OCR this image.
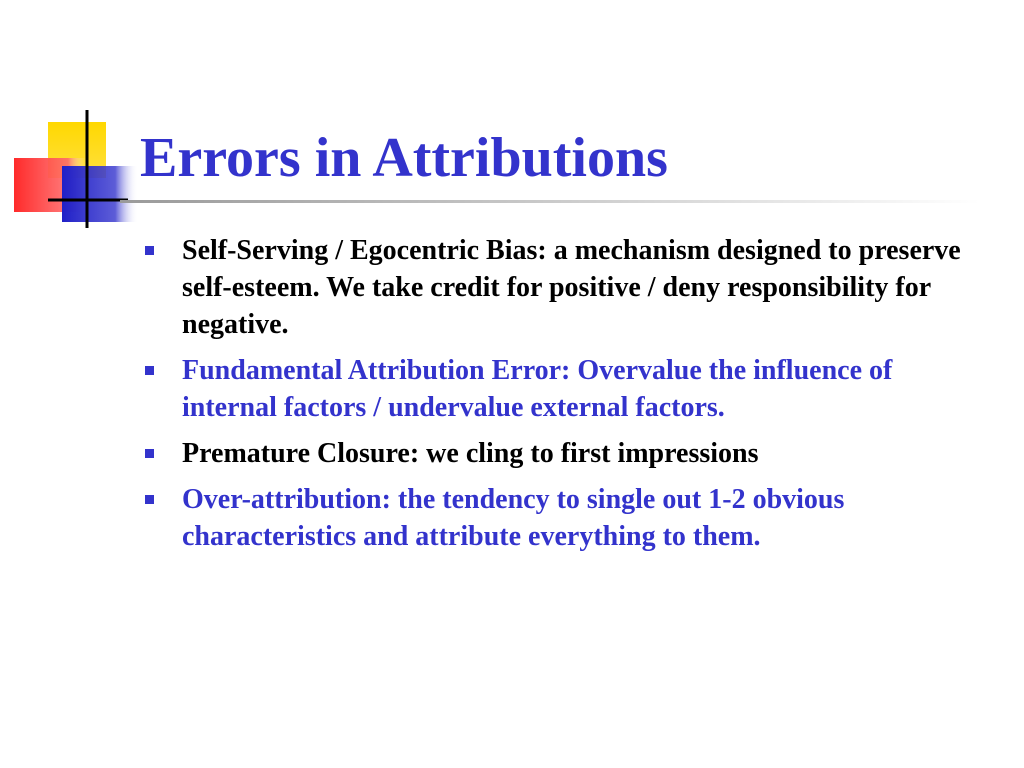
Errors in Attributions
Self-Serving / Egocentric Bias: a mechanism designed to preserve self-esteem. We take credit for positive / deny responsibility for negative.
Fundamental Attribution Error: Overvalue the influence of internal factors / undervalue external factors.
Premature Closure: we cling to first impressions
Over-attribution: the tendency to single out 1-2 obvious characteristics and attribute everything to them.
